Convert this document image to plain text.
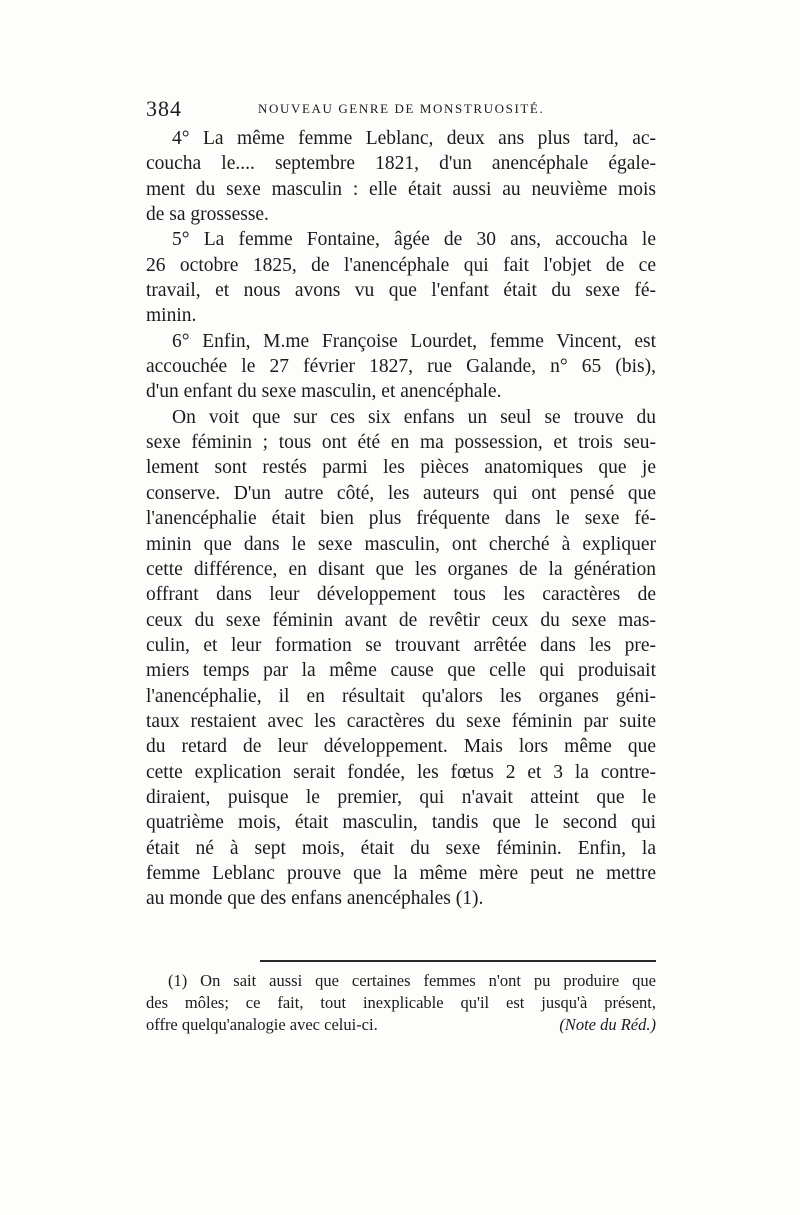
384	NOUVEAU GENRE DE MONSTRUOSITÉ.
4° La même femme Leblanc, deux ans plus tard, ac-
coucha le.... septembre 1821, d'un anencéphale égale-
ment du sexe masculin : elle était aussi au neuvième mois
de sa grossesse.
5° La femme Fontaine, âgée de 30 ans, accoucha le
26 octobre 1825, de l'anencéphale qui fait l'objet de ce
travail, et nous avons vu que l'enfant était du sexe fé-
minin.
6° Enfin, M.me Françoise Lourdet, femme Vincent, est
accouchée le 27 février 1827, rue Galande, n° 65 (bis),
d'un enfant du sexe masculin, et anencéphale.
On voit que sur ces six enfans un seul se trouve du
sexe féminin ; tous ont été en ma possession, et trois seu-
lement sont restés parmi les pièces anatomiques que je
conserve. D'un autre côté, les auteurs qui ont pensé que
l'anencéphalie était bien plus fréquente dans le sexe fé-
minin que dans le sexe masculin, ont cherché à expliquer
cette différence, en disant que les organes de la génération
offrant dans leur développement tous les caractères de
ceux du sexe féminin avant de revêtir ceux du sexe mas-
culin, et leur formation se trouvant arrêtée dans les pre-
miers temps par la même cause que celle qui produisait
l'anencéphalie, il en résultait qu'alors les organes géni-
taux restaient avec les caractères du sexe féminin par suite
du retard de leur développement. Mais lors même que
cette explication serait fondée, les fœtus 2 et 3 la contre-
diraient, puisque le premier, qui n'avait atteint que le
quatrième mois, était masculin, tandis que le second qui
était né à sept mois, était du sexe féminin. Enfin, la
femme Leblanc prouve que la même mère peut ne mettre
au monde que des enfans anencéphales (1).
(1) On sait aussi que certaines femmes n'ont pu produire que
des môles; ce fait, tout inexplicable qu'il est jusqu'à présent,
offre quelqu'analogie avec celui-ci.	(Note du Réd.)
